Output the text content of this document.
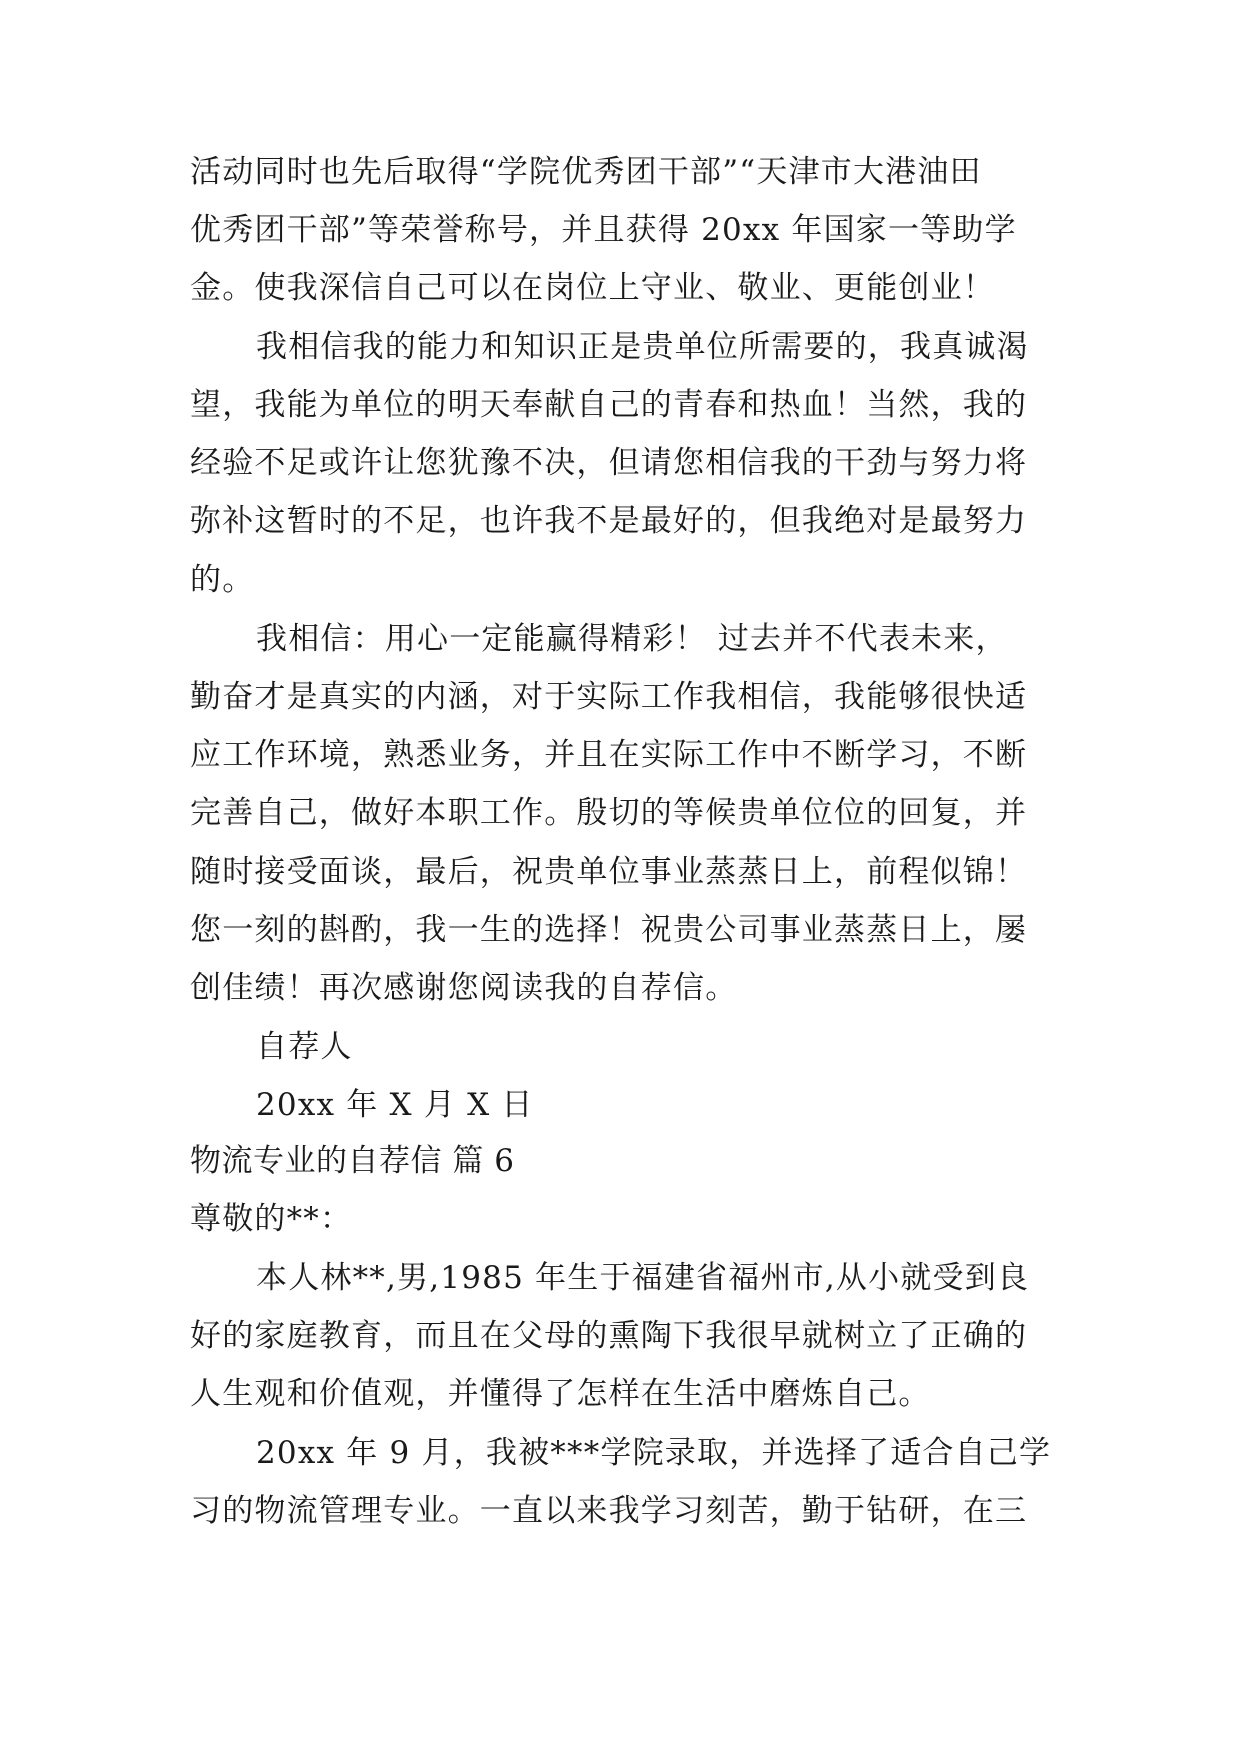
活动同时也先后取得“学院优秀团干部”“天津市大港油田

优秀团干部”等荣誉称号，并且获得 20xx 年国家一等助学

金。使我深信自己可以在岗位上守业、敬业、更能创业！

我相信我的能力和知识正是贵单位所需要的，我真诚渴

望，我能为单位的明天奉献自己的青春和热血！当然，我的

经验不足或许让您犹豫不决，但请您相信我的干劲与努力将

弥补这暂时的不足，也许我不是最好的，但我绝对是最努力

的。

我相信：用心一定能赢得精彩！ 过去并不代表未来，

勤奋才是真实的内涵，对于实际工作我相信，我能够很快适

应工作环境，熟悉业务，并且在实际工作中不断学习，不断

完善自己，做好本职工作。殷切的等候贵单位位的回复，并

随时接受面谈，最后，祝贵单位事业蒸蒸日上，前程似锦！

您一刻的斟酌，我一生的选择！祝贵公司事业蒸蒸日上，屡

创佳绩！再次感谢您阅读我的自荐信。

自荐人

20xx 年 X 月 X 日

物流专业的自荐信 篇 6

尊敬的**：

本人林**,男,1985 年生于福建省福州市,从小就受到良

好的家庭教育，而且在父母的熏陶下我很早就树立了正确的

人生观和价值观，并懂得了怎样在生活中磨炼自己。

20xx 年 9 月，我被***学院录取，并选择了适合自己学

习的物流管理专业。一直以来我学习刻苦，勤于钻研，在三
